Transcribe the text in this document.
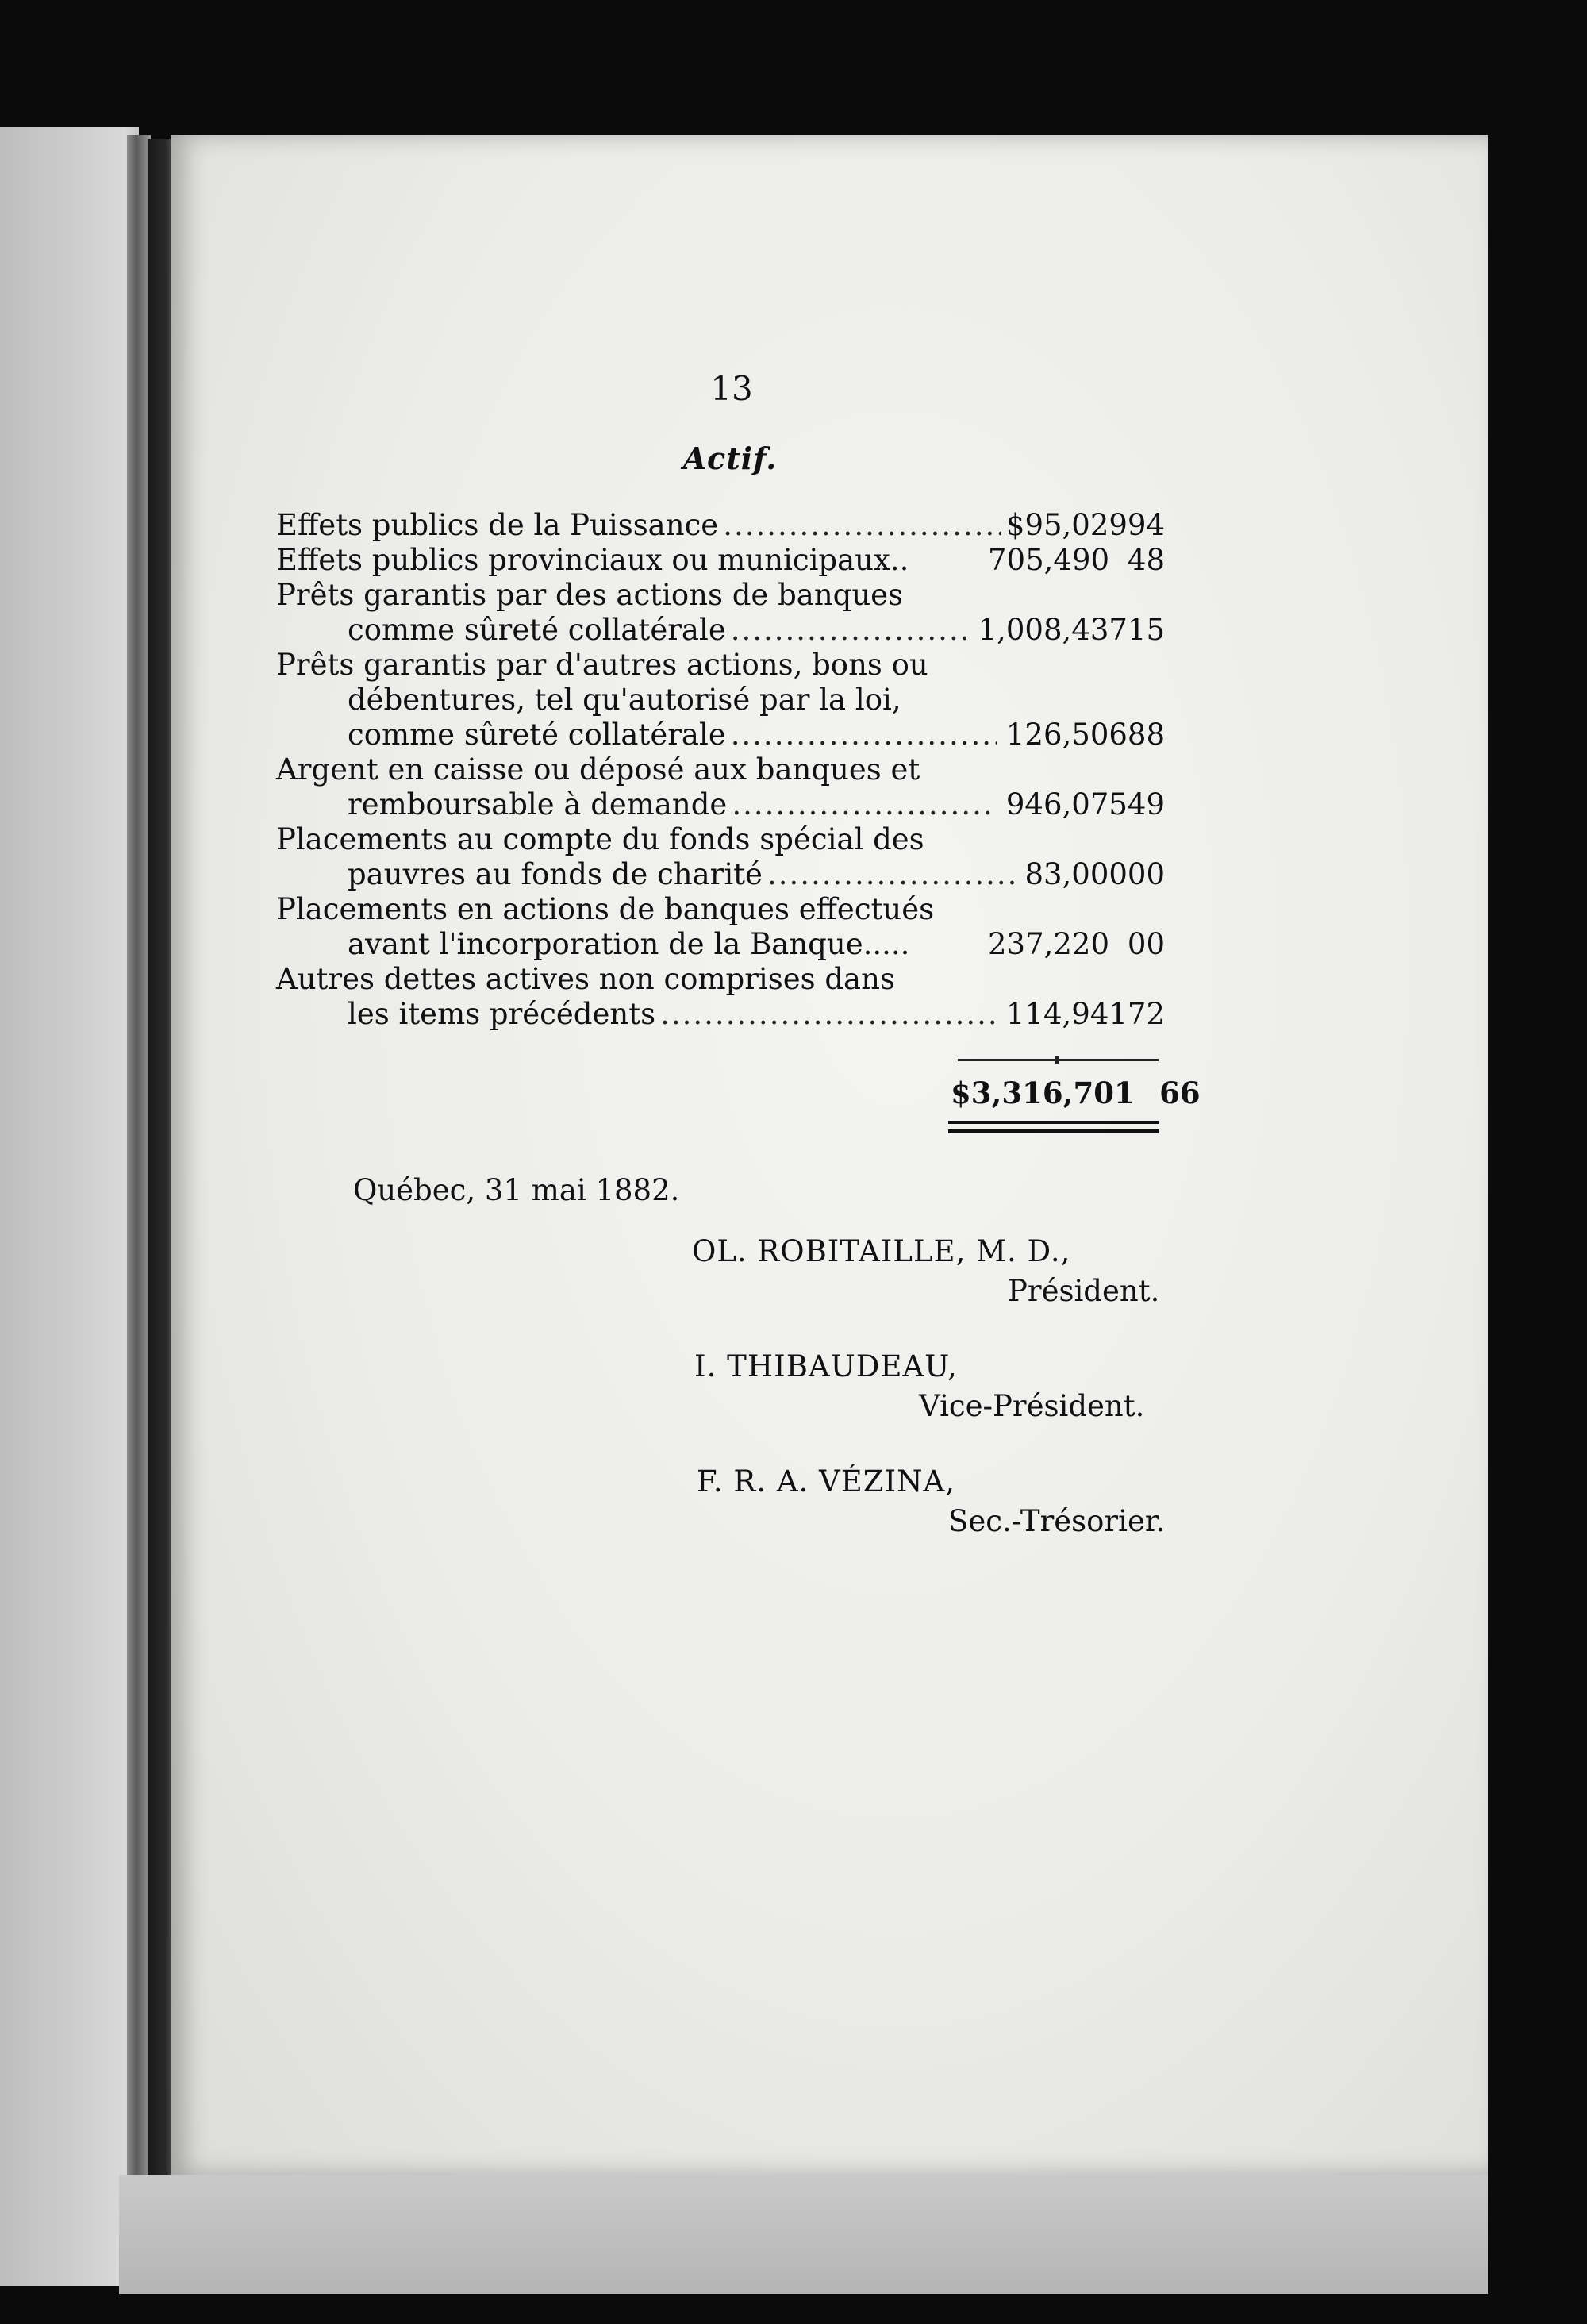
13
Actif.
Effets publics de la Puissance .....	$ 95,029 94
Effets publics provinciaux ou municipaux..	705,490 48
Prêts garantis par des actions de banques
comme sûreté collatérale .....	1,008,437 15
Prêts garantis par d'autres actions, bons ou
débentures, tel qu'autorisé par la loi,
comme sûreté collatérale .....	126,506 88
Argent en caisse ou déposé aux banques et
remboursable à demande .....	946,075 49
Placements au compte du fonds spécial des
pauvres au fonds de charité .....	83,000 00
Placements en actions de banques effectués
avant l'incorporation de la Banque.....	237,220 00
Autres dettes actives non comprises dans
les items précédents .....	114,941 72
$3,316,701 66
Québec, 31 mai 1882.
OL. ROBITAILLE, M. D.,
Président.
I. THIBAUDEAU,
Vice-Président.
F. R. A. VÉZINA,
Sec.-Trésorier.
